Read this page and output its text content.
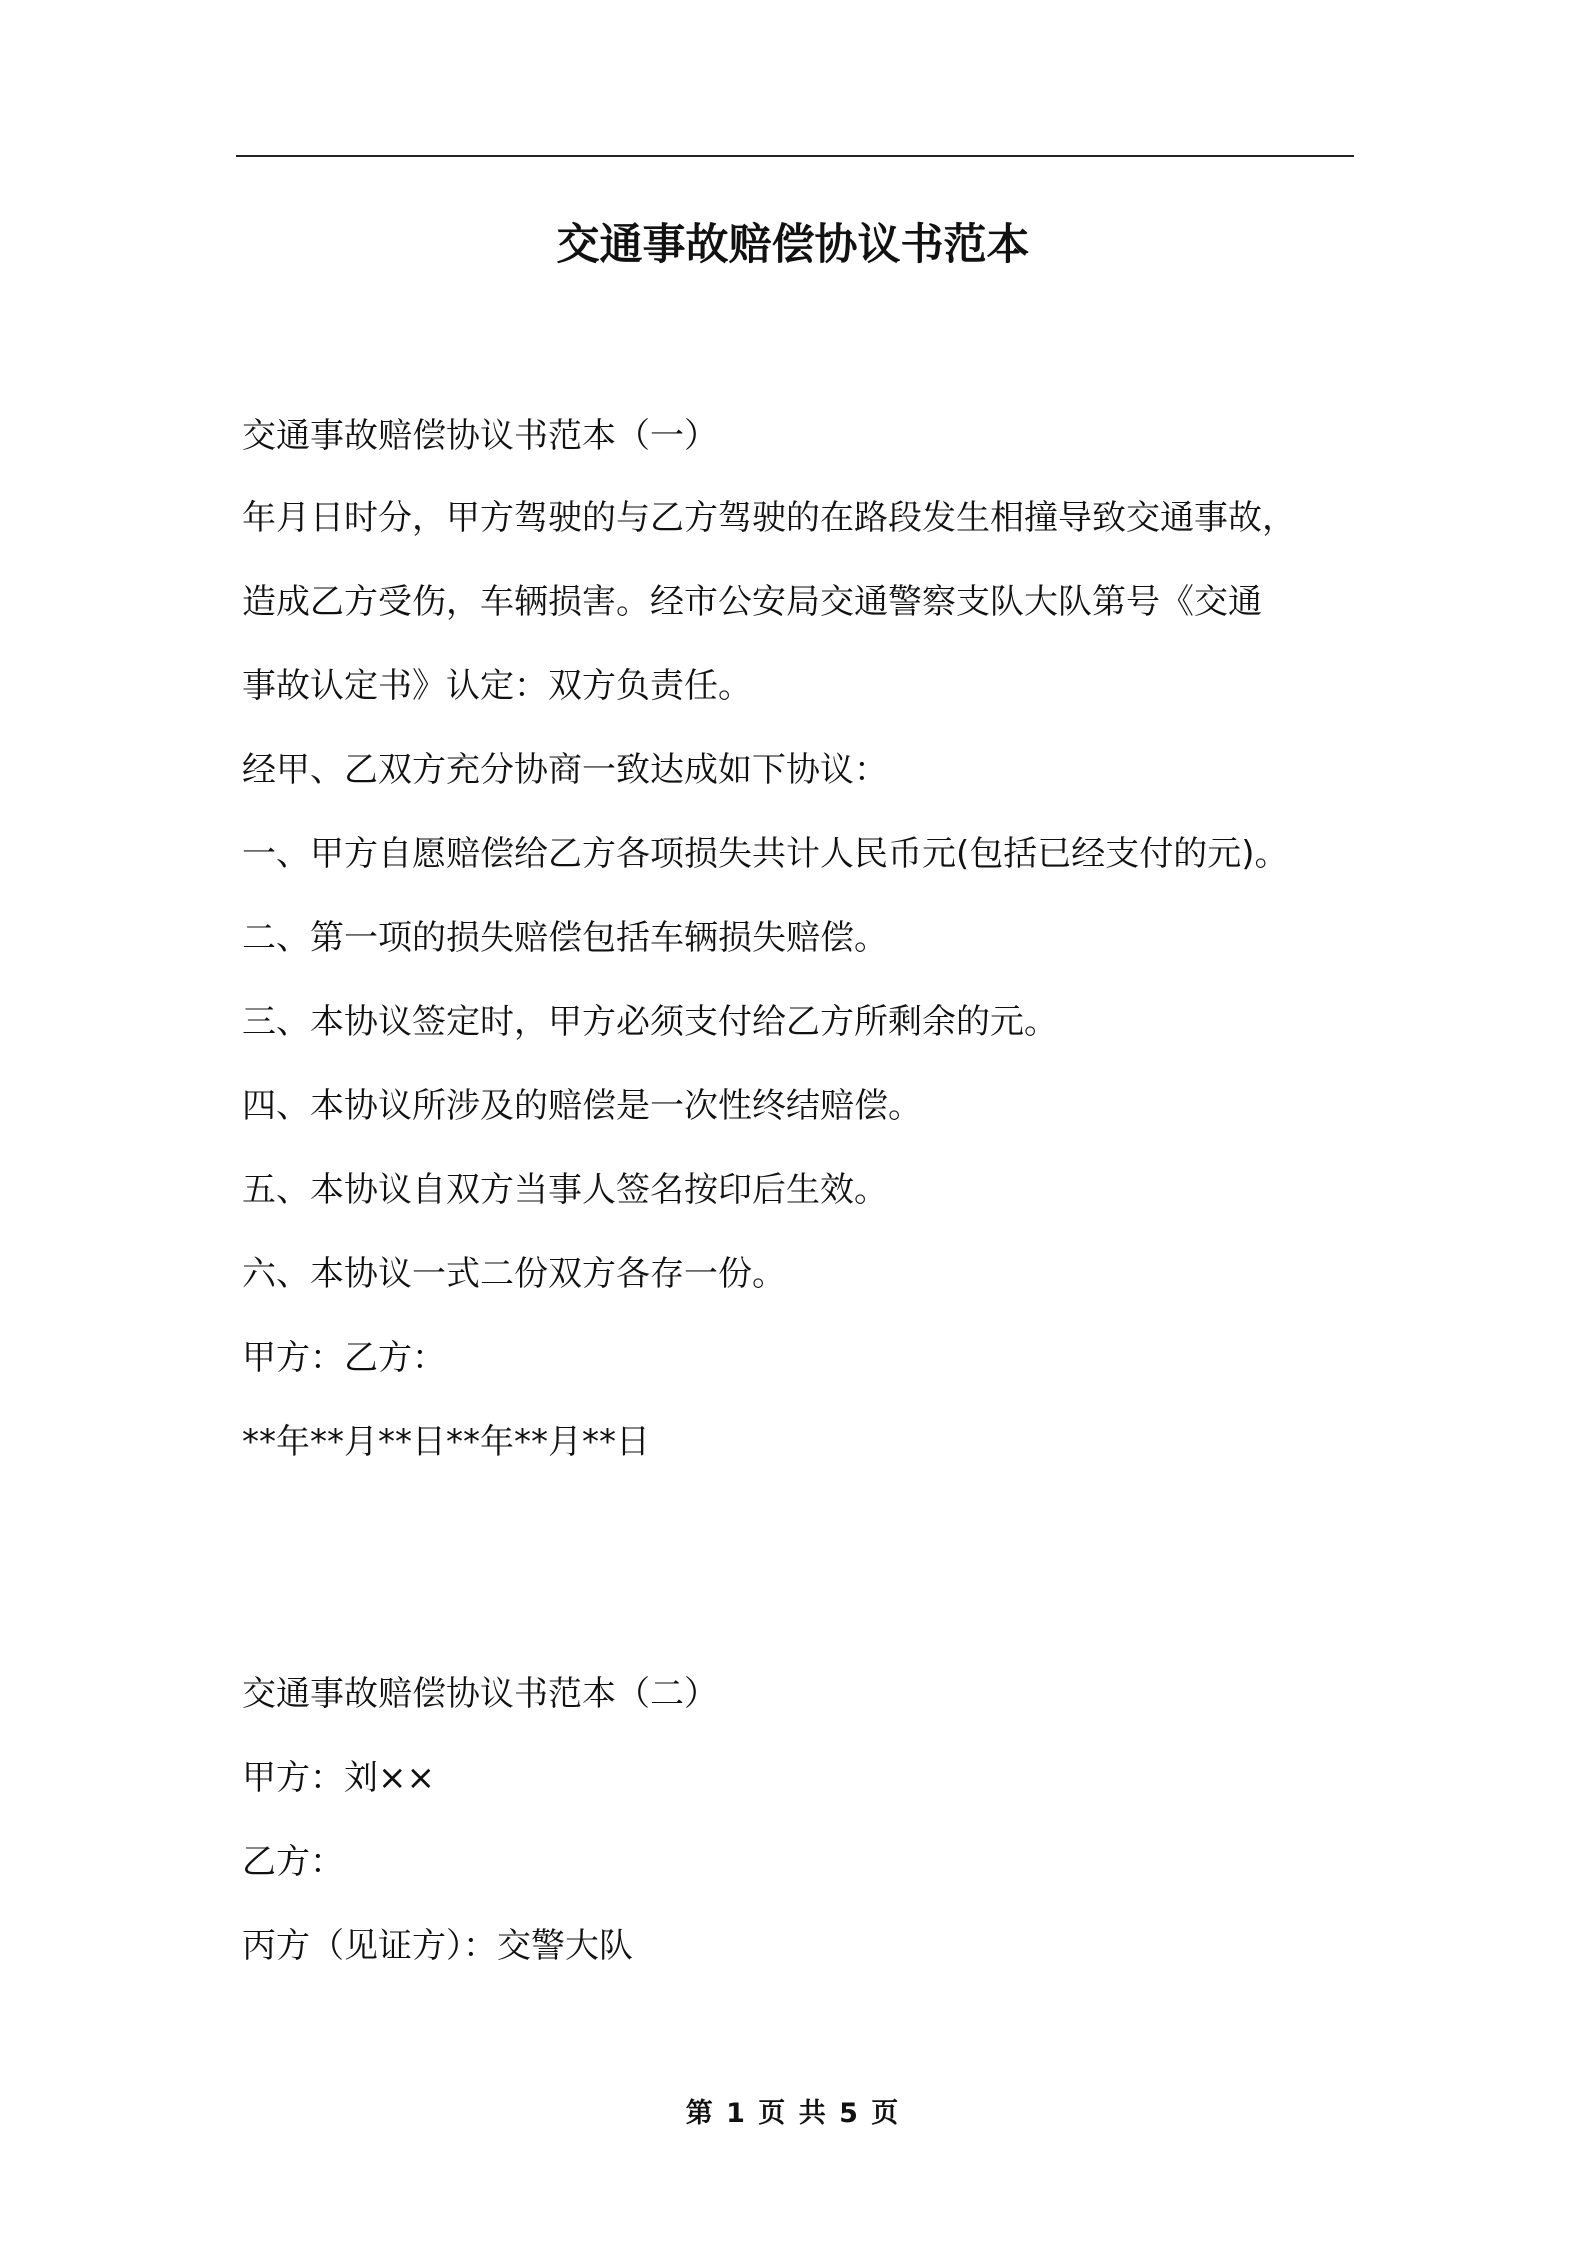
交通事故赔偿协议书范本
交通事故赔偿协议书范本（一）
年月日时分，甲方驾驶的与乙方驾驶的在路段发生相撞导致交通事故，
造成乙方受伤，车辆损害。经市公安局交通警察支队大队第号《交通
事故认定书》认定：双方负责任。
经甲、乙双方充分协商一致达成如下协议：
一、甲方自愿赔偿给乙方各项损失共计人民币元(包括已经支付的元)。
二、第一项的损失赔偿包括车辆损失赔偿。
三、本协议签定时，甲方必须支付给乙方所剩余的元。
四、本协议所涉及的赔偿是一次性终结赔偿。
五、本协议自双方当事人签名按印后生效。
六、本协议一式二份双方各存一份。
甲方：乙方：
**年**月**日**年**月**日
交通事故赔偿协议书范本（二）
甲方：刘××
乙方：
丙方（见证方）：交警大队
第 1 页 共 5 页
